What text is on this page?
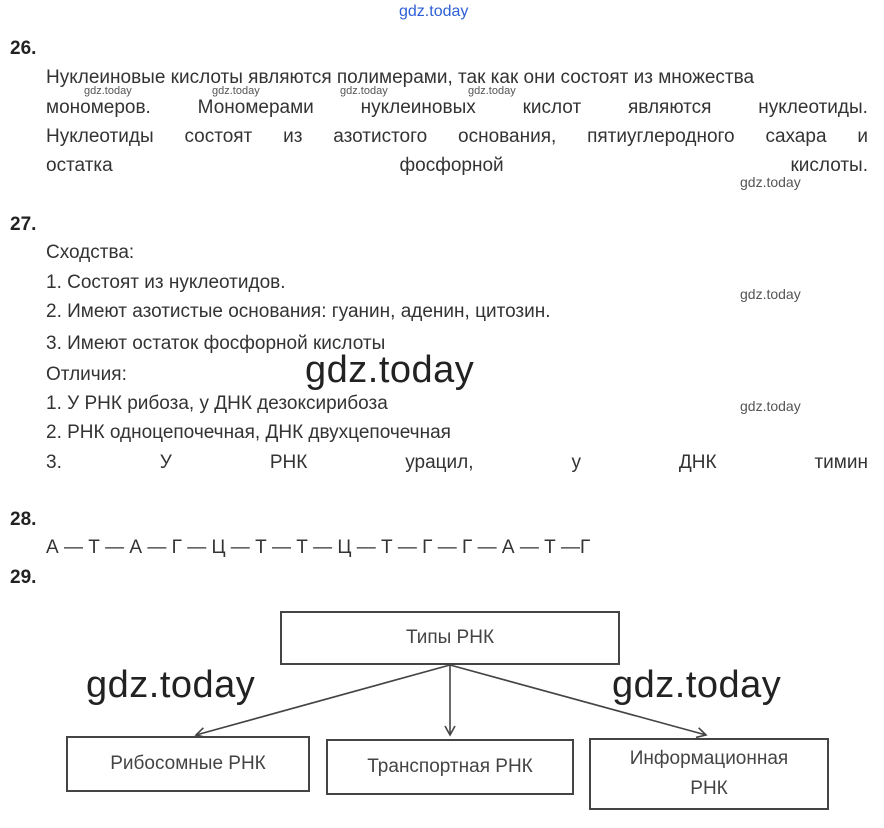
gdz.today
26.
Нуклеиновые кислоты являются полимерами, так как они состоят из множества
gdz.today	gdz.today	gdz.today	gdz.today
мономеров. Мономерами нуклеиновых кислот являются нуклеотиды.
Нуклеотиды состоят из азотистого основания, пятиуглеродного сахара и
остатка	фосфорной	кислоты.
gdz.today
27.
Сходства:
1. Состоят из нуклеотидов.
gdz.today
2. Имеют азотистые основания: гуанин, аденин, цитозин.
3. Имеют остаток фосфорной кислоты
Отличия:	gdz.today
1. У РНК рибоза, у ДНК дезоксирибоза	gdz.today
2. РНК одноцепочечная, ДНК двухцепочечная
3.	У	РНК	урацил,	у	ДНК	тимин
28.
А — Т — А — Г — Ц — Т — Т — Ц — Т — Г — Г — А — Т —Г
29.
Типы РНК
Рибосомные РНК	Транспортная РНК	Информационная РНК
gdz.today	gdz.today
